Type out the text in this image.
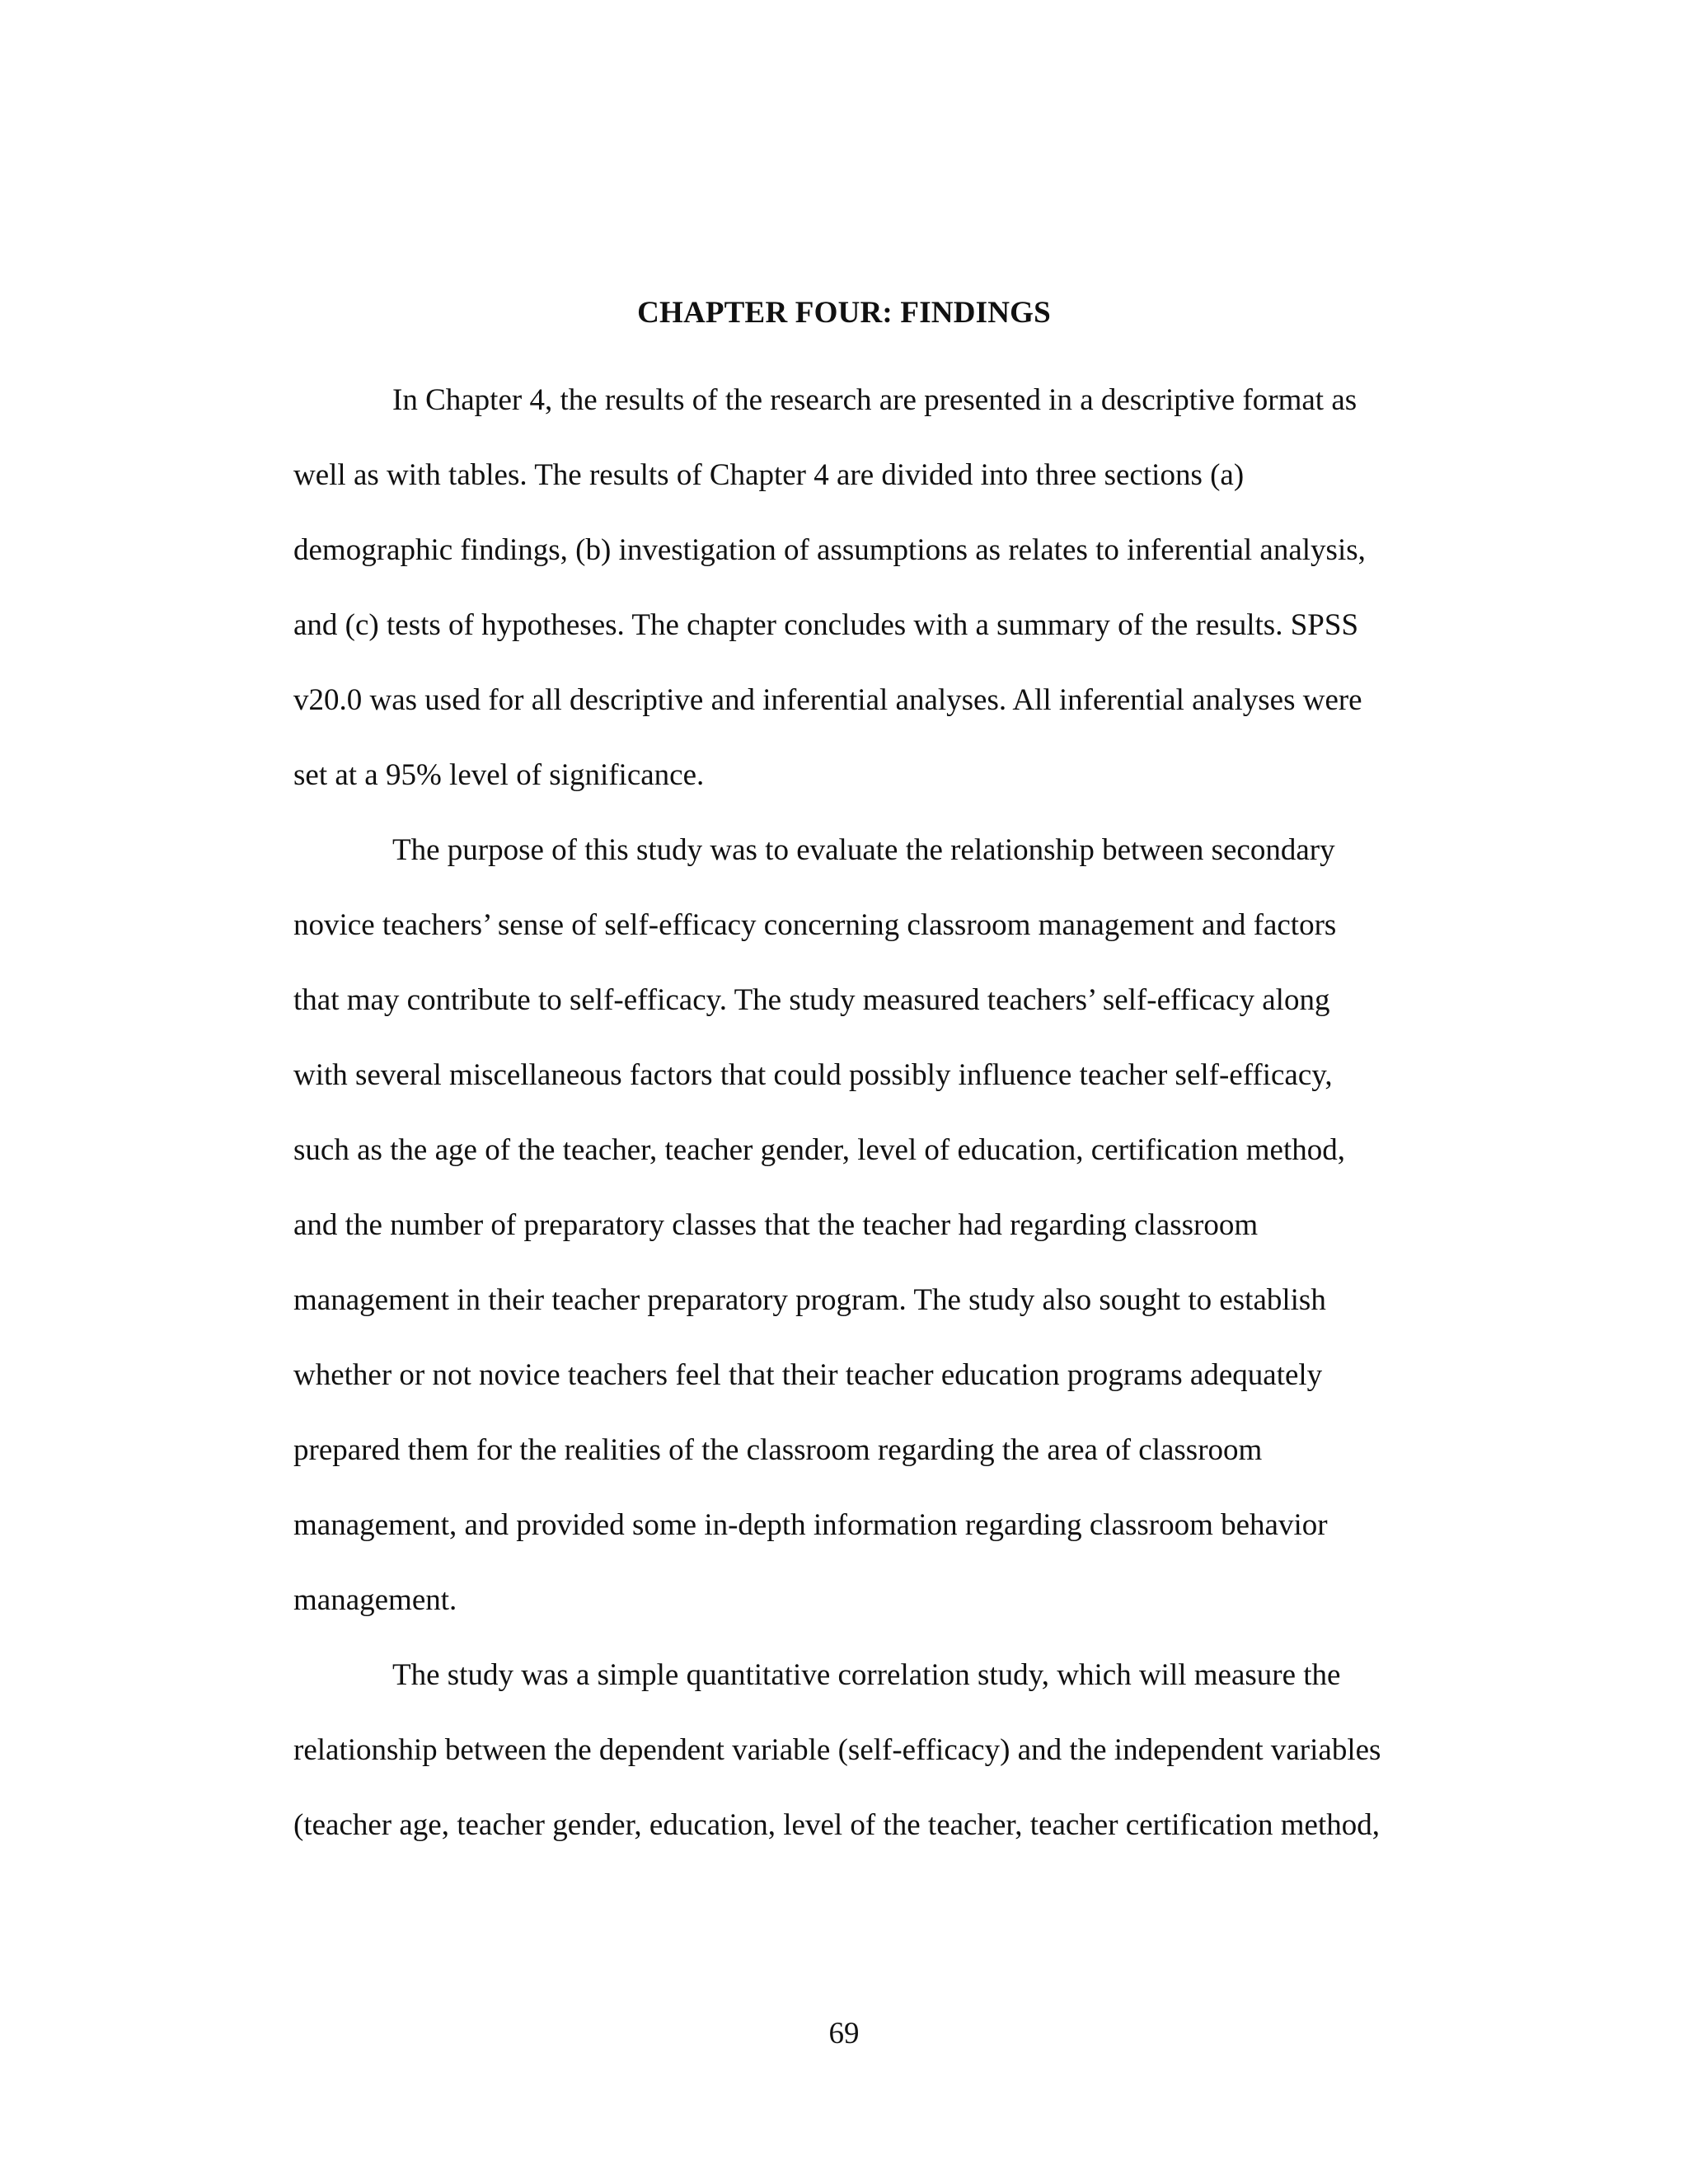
CHAPTER FOUR: FINDINGS
In Chapter 4, the results of the research are presented in a descriptive format as
well as with tables. The results of Chapter 4 are divided into three sections (a)
demographic findings, (b) investigation of assumptions as relates to inferential analysis,
and (c) tests of hypotheses. The chapter concludes with a summary of the results. SPSS
v20.0 was used for all descriptive and inferential analyses. All inferential analyses were
set at a 95% level of significance.
The purpose of this study was to evaluate the relationship between secondary
novice teachers’ sense of self-efficacy concerning classroom management and factors
that may contribute to self-efficacy. The study measured teachers’ self-efficacy along
with several miscellaneous factors that could possibly influence teacher self-efficacy,
such as the age of the teacher, teacher gender, level of education, certification method,
and the number of preparatory classes that the teacher had regarding classroom
management in their teacher preparatory program. The study also sought to establish
whether or not novice teachers feel that their teacher education programs adequately
prepared them for the realities of the classroom regarding the area of classroom
management, and provided some in-depth information regarding classroom behavior
management.
The study was a simple quantitative correlation study, which will measure the
relationship between the dependent variable (self-efficacy) and the independent variables
(teacher age, teacher gender, education, level of the teacher, teacher certification method,
69
